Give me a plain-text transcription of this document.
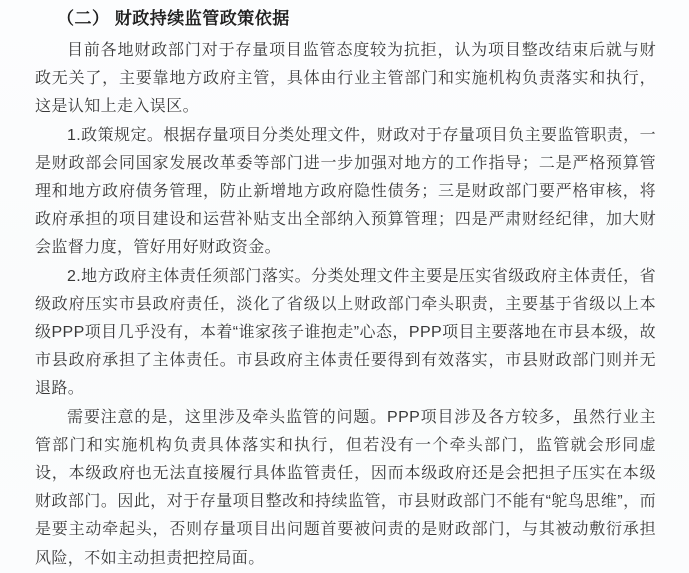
（二） 财政持续监管政策依据

目前各地财政部门对于存量项目监管态度较为抗拒，认为项目整改结束后就与财政无关了，主要靠地方政府主管，具体由行业主管部门和实施机构负责落实和执行，这是认知上走入误区。

1.政策规定。根据存量项目分类处理文件，财政对于存量项目负主要监管职责，一是财政部会同国家发展改革委等部门进一步加强对地方的工作指导；二是严格预算管理和地方政府债务管理，防止新增地方政府隐性债务；三是财政部门要严格审核，将政府承担的项目建设和运营补贴支出全部纳入预算管理；四是严肃财经纪律，加大财会监督力度，管好用好财政资金。

2.地方政府主体责任须部门落实。分类处理文件主要是压实省级政府主体责任，省级政府压实市县政府责任，淡化了省级以上财政部门牵头职责，主要基于省级以上本级PPP项目几乎没有，本着“谁家孩子谁抱走”心态，PPP项目主要落地在市县本级，故市县政府承担了主体责任。市县政府主体责任要得到有效落实，市县财政部门则并无退路。

需要注意的是，这里涉及牵头监管的问题。PPP项目涉及各方较多，虽然行业主管部门和实施机构负责具体落实和执行，但若没有一个牵头部门，监管就会形同虚设，本级政府也无法直接履行具体监管责任，因而本级政府还是会把担子压实在本级财政部门。因此，对于存量项目整改和持续监管，市县财政部门不能有“鸵鸟思维”，而是要主动牵起头，否则存量项目出问题首要被问责的是财政部门，与其被动敷衍承担风险，不如主动担责把控局面。
